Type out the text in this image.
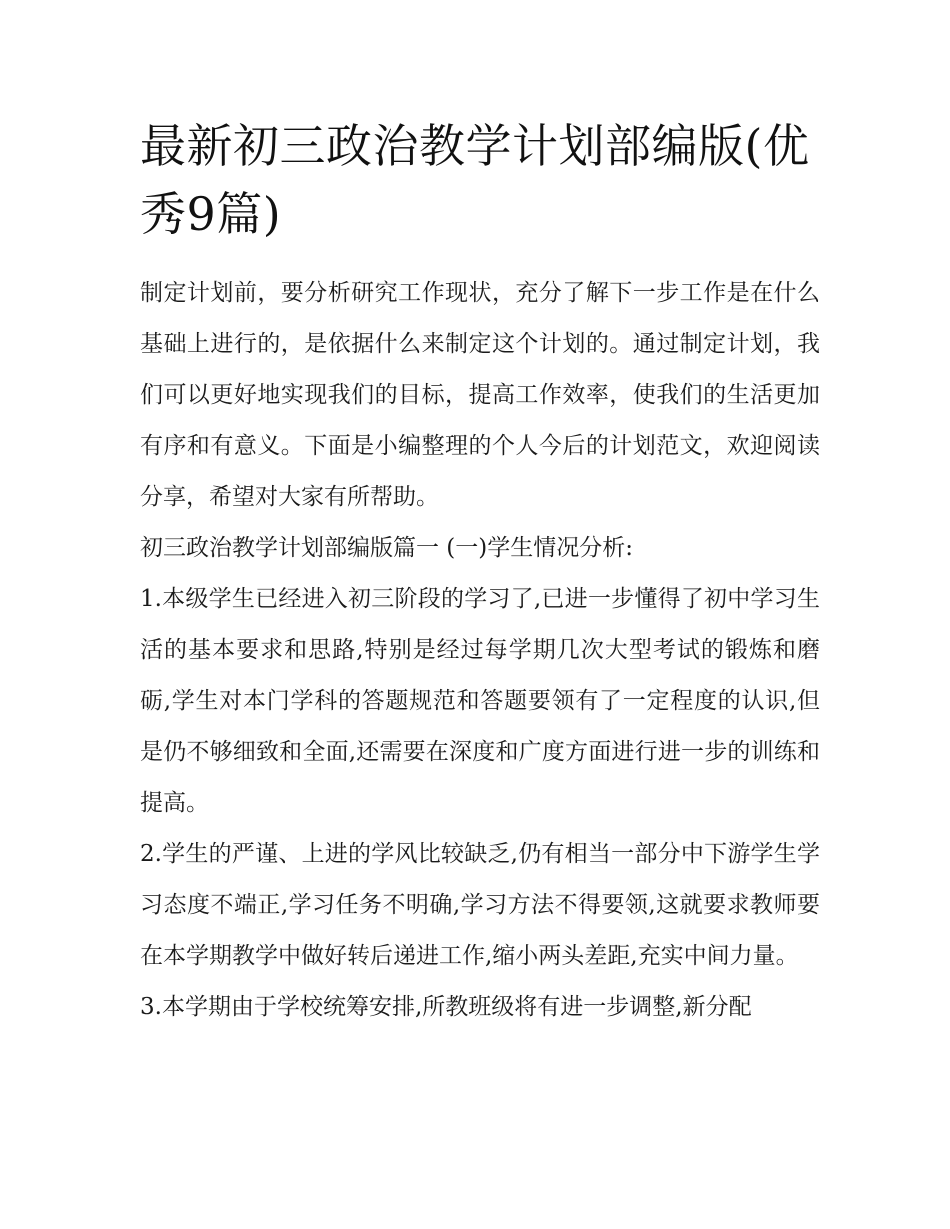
最新初三政治教学计划部编版(优秀9篇)

制定计划前，要分析研究工作现状，充分了解下一步工作是在什么基础上进行的，是依据什么来制定这个计划的。通过制定计划，我们可以更好地实现我们的目标，提高工作效率，使我们的生活更加有序和有意义。下面是小编整理的个人今后的计划范文，欢迎阅读分享，希望对大家有所帮助。

初三政治教学计划部编版篇一 (一)学生情况分析:

1.本级学生已经进入初三阶段的学习了,已进一步懂得了初中学习生活的基本要求和思路,特别是经过每学期几次大型考试的锻炼和磨砺,学生对本门学科的答题规范和答题要领有了一定程度的认识,但是仍不够细致和全面,还需要在深度和广度方面进行进一步的训练和提高。

2.学生的严谨、上进的学风比较缺乏,仍有相当一部分中下游学生学习态度不端正,学习任务不明确,学习方法不得要领,这就要求教师要在本学期教学中做好转后递进工作,缩小两头差距,充实中间力量。

3.本学期由于学校统筹安排,所教班级将有进一步调整,新分配
